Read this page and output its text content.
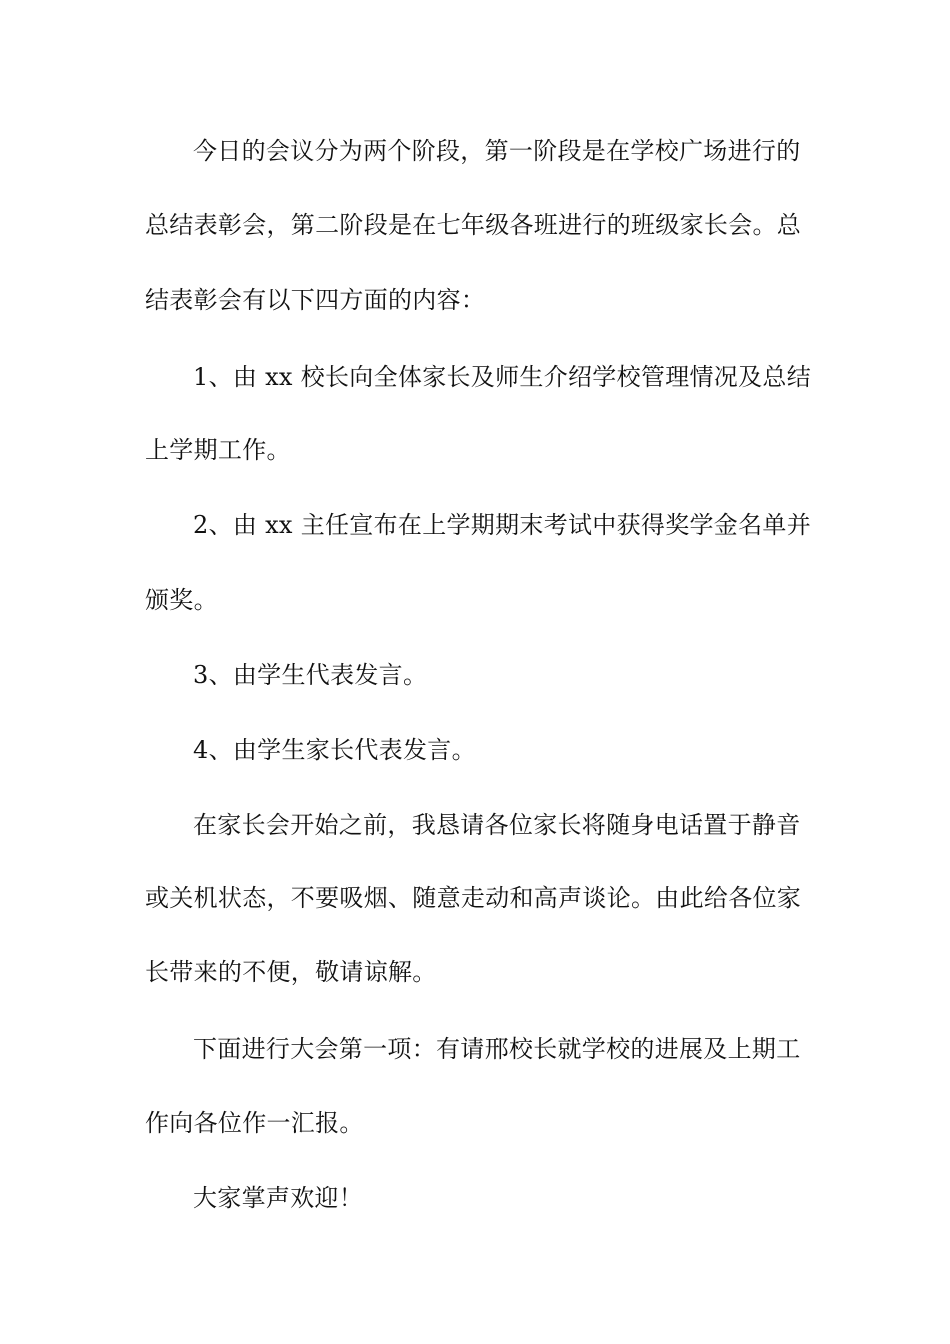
今日的会议分为两个阶段，第一阶段是在学校广场进行的
总结表彰会，第二阶段是在七年级各班进行的班级家长会。总
结表彰会有以下四方面的内容：
1、由 xx 校长向全体家长及师生介绍学校管理情况及总结
上学期工作。
2、由 xx 主任宣布在上学期期末考试中获得奖学金名单并
颁奖。
3、由学生代表发言。
4、由学生家长代表发言。
在家长会开始之前，我恳请各位家长将随身电话置于静音
或关机状态，不要吸烟、随意走动和高声谈论。由此给各位家
长带来的不便，敬请谅解。
下面进行大会第一项：有请邢校长就学校的进展及上期工
作向各位作一汇报。
大家掌声欢迎！
